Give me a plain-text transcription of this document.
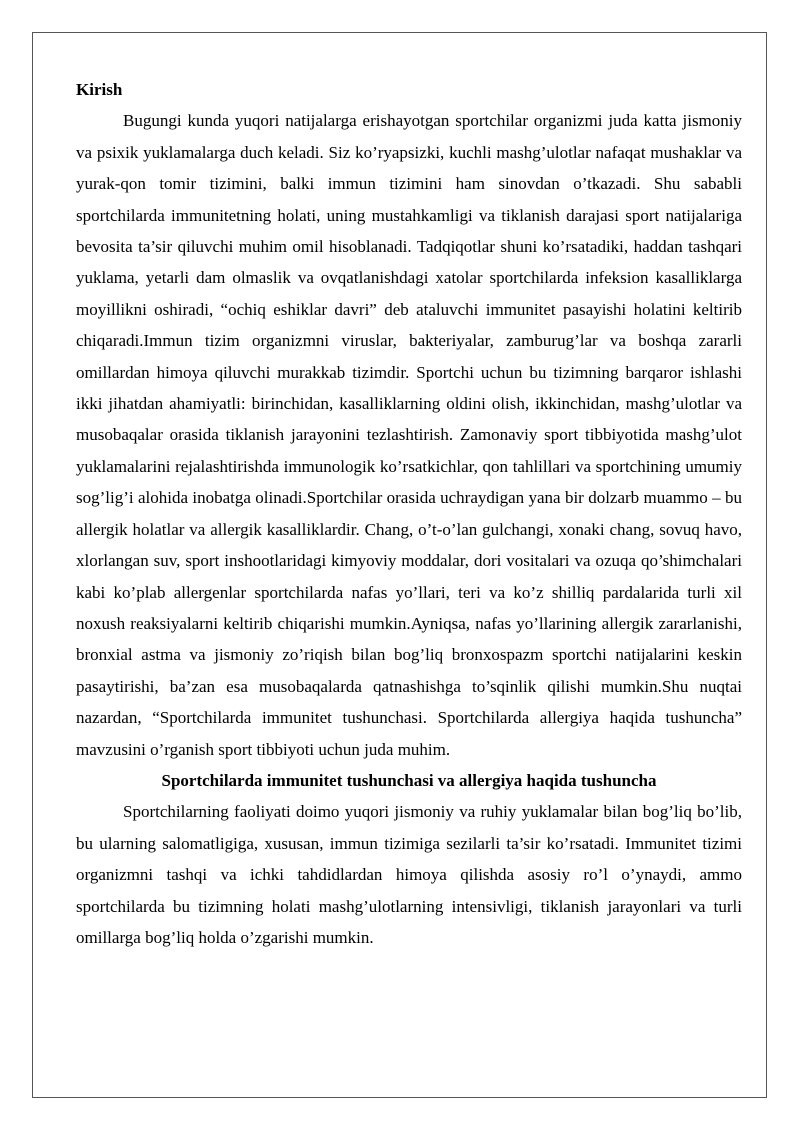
Kirish

Bugungi kunda yuqori natijalarga erishayotgan sportchilar organizmi juda katta jismoniy va psixik yuklamalarga duch keladi. Siz ko’ryapsizki, kuchli mashg’ulotlar nafaqat mushaklar va yurak-qon tomir tizimini, balki immun tizimini ham sinovdan o’tkazadi. Shu sababli sportchilarda immunitetning holati, uning mustahkamligi va tiklanish darajasi sport natijalariga bevosita ta’sir qiluvchi muhim omil hisoblanadi. Tadqiqotlar shuni ko’rsatadiki, haddan tashqari yuklama, yetarli dam olmaslik va ovqatlanishdagi xatolar sportchilarda infeksion kasalliklarga moyillikni oshiradi, “ochiq eshiklar davri” deb ataluvchi immunitet pasayishi holatini keltirib chiqaradi.Immun tizim organizmni viruslar, bakteriyalar, zamburug’lar va boshqa zararli omillardan himoya qiluvchi murakkab tizimdir. Sportchi uchun bu tizimning barqaror ishlashi ikki jihatdan ahamiyatli: birinchidan, kasalliklarning oldini olish, ikkinchidan, mashg’ulotlar va musobaqalar orasida tiklanish jarayonini tezlashtirish. Zamonaviy sport tibbiyotida mashg’ulot yuklamalarini rejalashtirishda immunologik ko’rsatkichlar, qon tahlillari va sportchining umumiy sog’lig’i alohida inobatga olinadi.Sportchilar orasida uchraydigan yana bir dolzarb muammo – bu allergik holatlar va allergik kasalliklardir. Chang, o’t-o’lan gulchangi, xonaki chang, sovuq havo, xlorlangan suv, sport inshootlaridagi kimyoviy moddalar, dori vositalari va ozuqa qo’shimchalari kabi ko’plab allergenlar sportchilarda nafas yo’llari, teri va ko’z shilliq pardalarida turli xil noxush reaksiyalarni keltirib chiqarishi mumkin.Ayniqsa, nafas yo’llarining allergik zararlanishi, bronxial astma va jismoniy zo’riqish bilan bog’liq bronxospazm sportchi natijalarini keskin pasaytirishi, ba’zan esa musobaqalarda qatnashishga to’sqinlik qilishi mumkin.Shu nuqtai nazardan, “Sportchilarda immunitet tushunchasi. Sportchilarda allergiya haqida tushuncha” mavzusini o’rganish sport tibbiyoti uchun juda muhim.

Sportchilarda immunitet tushunchasi va allergiya haqida tushuncha

Sportchilarning faoliyati doimo yuqori jismoniy va ruhiy yuklamalar bilan bog’liq bo’lib, bu ularning salomatligiga, xususan, immun tizimiga sezilarli ta’sir ko’rsatadi. Immunitet tizimi organizmni tashqi va ichki tahdidlardan himoya qilishda asosiy ro’l o’ynaydi, ammo sportchilarda bu tizimning holati mashg’ulotlarning intensivligi, tiklanish jarayonlari va turli omillarga bog’liq holda o’zgarishi mumkin.
